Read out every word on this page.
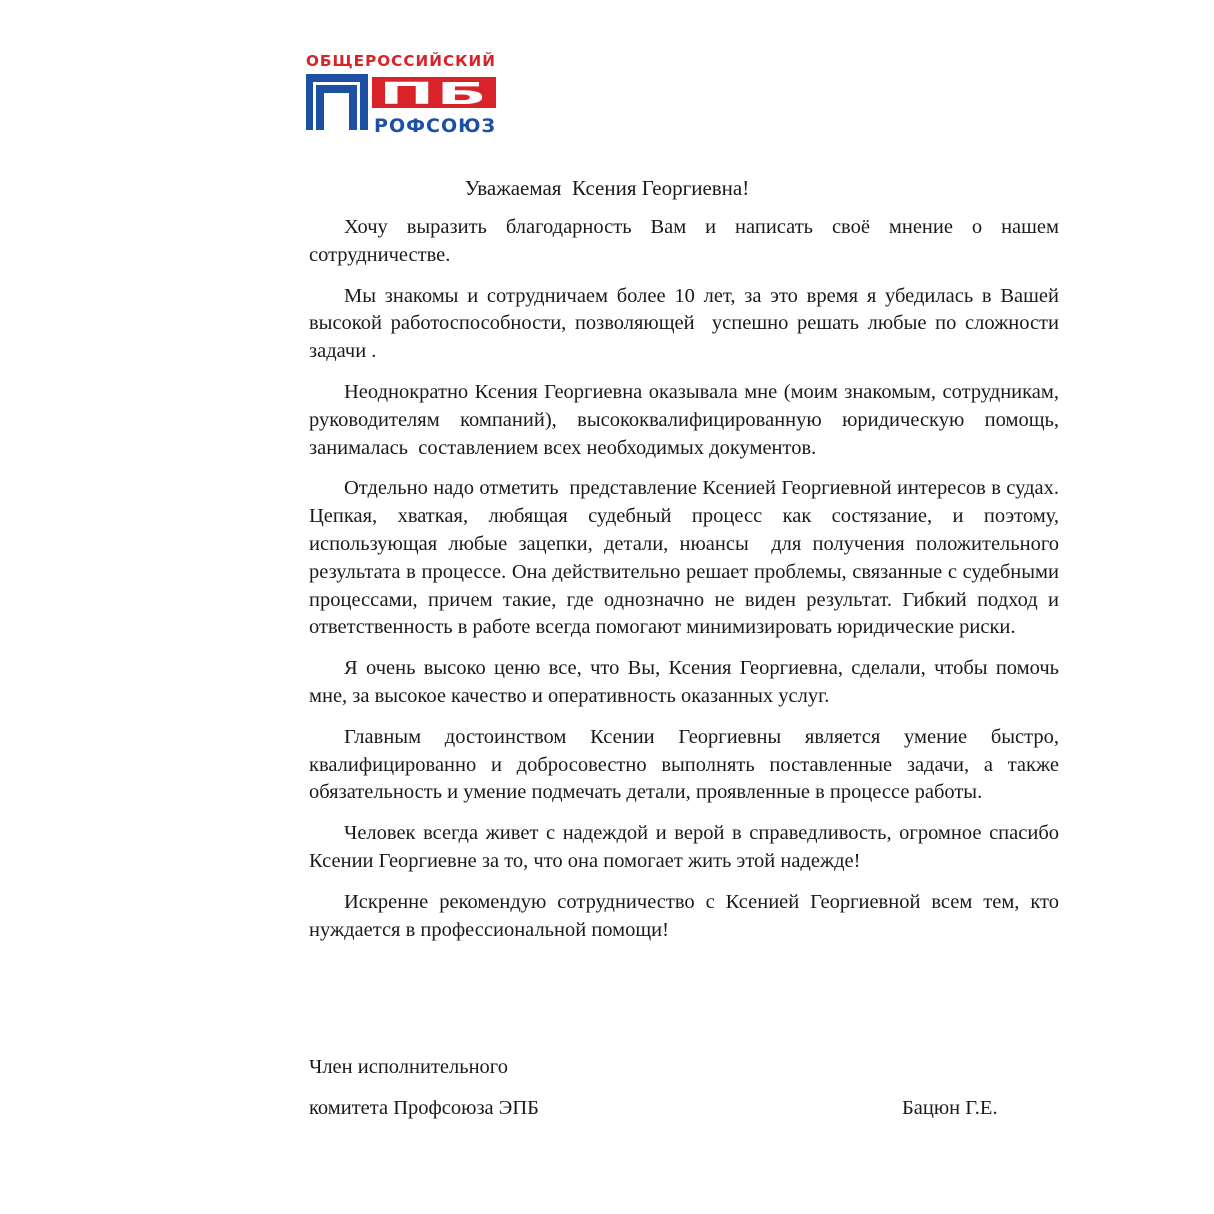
ОБЩЕРОССИЙСКИЙ
ПБ
РОФСОЮЗ
Уважаемая  Ксения Георгиевна!

Хочу выразить благодарность Вам и написать своё мнение о нашем сотрудничестве.

Мы знакомы и сотрудничаем более 10 лет, за это время я убедилась в Вашей высокой работоспособности, позволяющей  успешно решать любые по сложности задачи .

Неоднократно Ксения Георгиевна оказывала мне (моим знакомым, сотрудникам, руководителям компаний), высококвалифицированную юридическую помощь, занималась  составлением всех необходимых документов.

Отдельно надо отметить  представление Ксенией Георгиевной интересов в судах. Цепкая, хваткая, любящая судебный процесс как состязание, и поэтому, использующая любые зацепки, детали, нюансы  для получения положительного результата в процессе. Она действительно решает проблемы, связанные с судебными процессами, причем такие, где однозначно не виден результат. Гибкий подход и ответственность в работе всегда помогают минимизировать юридические риски.

Я очень высоко ценю все, что Вы, Ксения Георгиевна, сделали, чтобы помочь мне, за высокое качество и оперативность оказанных услуг.

Главным достоинством Ксении Георгиевны является умение быстро, квалифицированно и добросовестно выполнять поставленные задачи, а также обязательность и умение подмечать детали, проявленные в процессе работы.

Человек всегда живет с надеждой и верой в справедливость, огромное спасибо Ксении Георгиевне за то, что она помогает жить этой надежде!

Искренне рекомендую сотрудничество с Ксенией Георгиевной всем тем, кто нуждается в профессиональной помощи!

Член исполнительного
комитета Профсоюза ЭПБ	Бацюн Г.Е.
